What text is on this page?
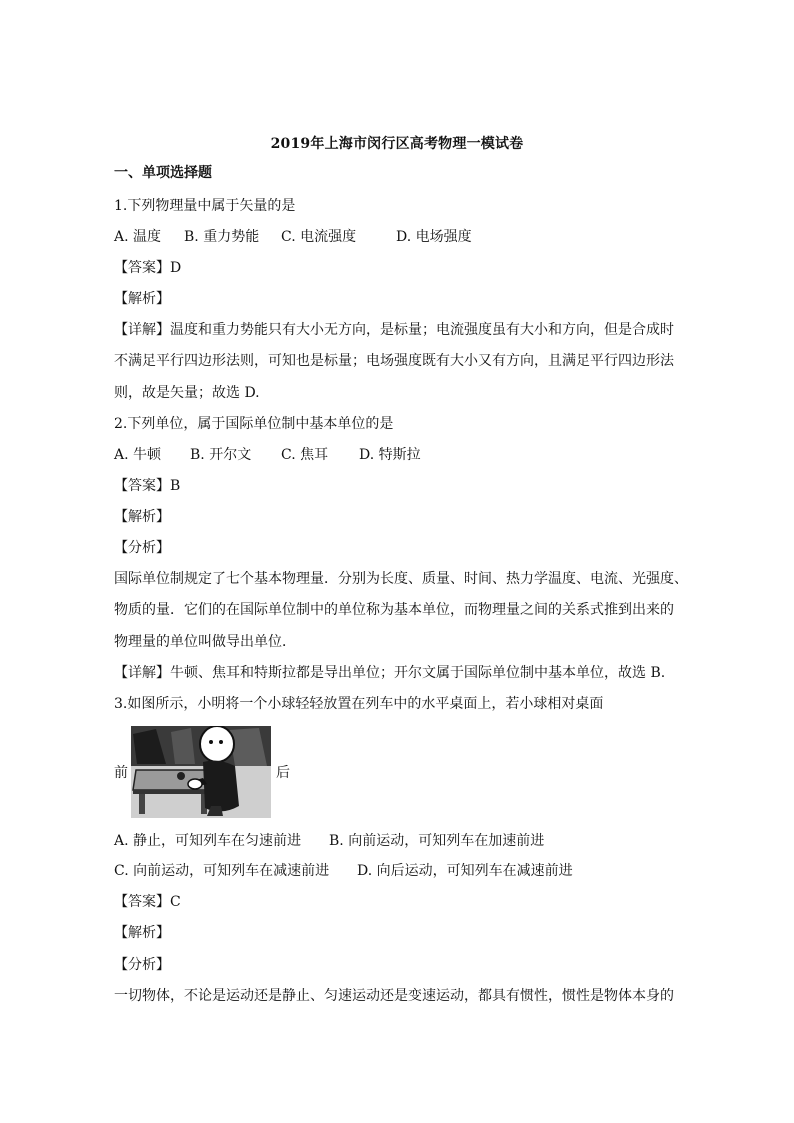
2019年上海市闵行区高考物理一模试卷
一、单项选择题
1.下列物理量中属于矢量的是
A. 温度 B. 重力势能 C. 电流强度	D. 电场强度
【答案】D
【解析】
【详解】温度和重力势能只有大小无方向，是标量；电流强度虽有大小和方向，但是合成时
不满足平行四边形法则，可知也是标量；电场强度既有大小又有方向，且满足平行四边形法
则，故是矢量；故选 D.
2.下列单位，属于国际单位制中基本单位的是
A. 牛顿 B. 开尔文 C. 焦耳 D. 特斯拉
【答案】B
【解析】
【分析】
国际单位制规定了七个基本物理量．分别为长度、质量、时间、热力学温度、电流、光强度、
物质的量．它们的在国际单位制中的单位称为基本单位，而物理量之间的关系式推到出来的
物理量的单位叫做导出单位．
【详解】牛顿、焦耳和特斯拉都是导出单位；开尔文属于国际单位制中基本单位，故选 B.
3.如图所示，小明将一个小球轻轻放置在列车中的水平桌面上，若小球相对桌面
前	后
A. 静止，可知列车在匀速前进 B. 向前运动，可知列车在加速前进
C. 向前运动，可知列车在减速前进 D. 向后运动，可知列车在减速前进
【答案】C
【解析】
【分析】
一切物体，不论是运动还是静止、匀速运动还是变速运动，都具有惯性，惯性是物体本身的
